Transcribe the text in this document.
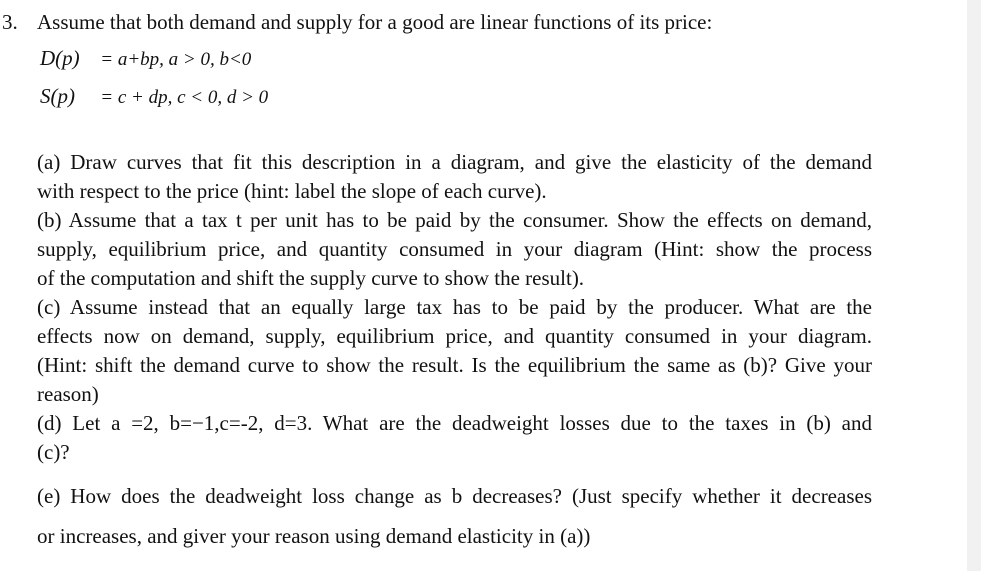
3. Assume that both demand and supply for a good are linear functions of its price:
D(p) = a+bp, a > 0, b<0
S(p) = c + dp, c < 0, d > 0
(a) Draw curves that fit this description in a diagram, and give the elasticity of the demand
with respect to the price (hint: label the slope of each curve).
(b) Assume that a tax t per unit has to be paid by the consumer. Show the effects on demand,
supply, equilibrium price, and quantity consumed in your diagram (Hint: show the process
of the computation and shift the supply curve to show the result).
(c) Assume instead that an equally large tax has to be paid by the producer. What are the
effects now on demand, supply, equilibrium price, and quantity consumed in your diagram.
(Hint: shift the demand curve to show the result. Is the equilibrium the same as (b)? Give your
reason)
(d) Let a =2, b=−1,c=-2, d=3. What are the deadweight losses due to the taxes in (b) and
(c)?
(e) How does the deadweight loss change as b decreases? (Just specify whether it decreases
or increases, and giver your reason using demand elasticity in (a))
